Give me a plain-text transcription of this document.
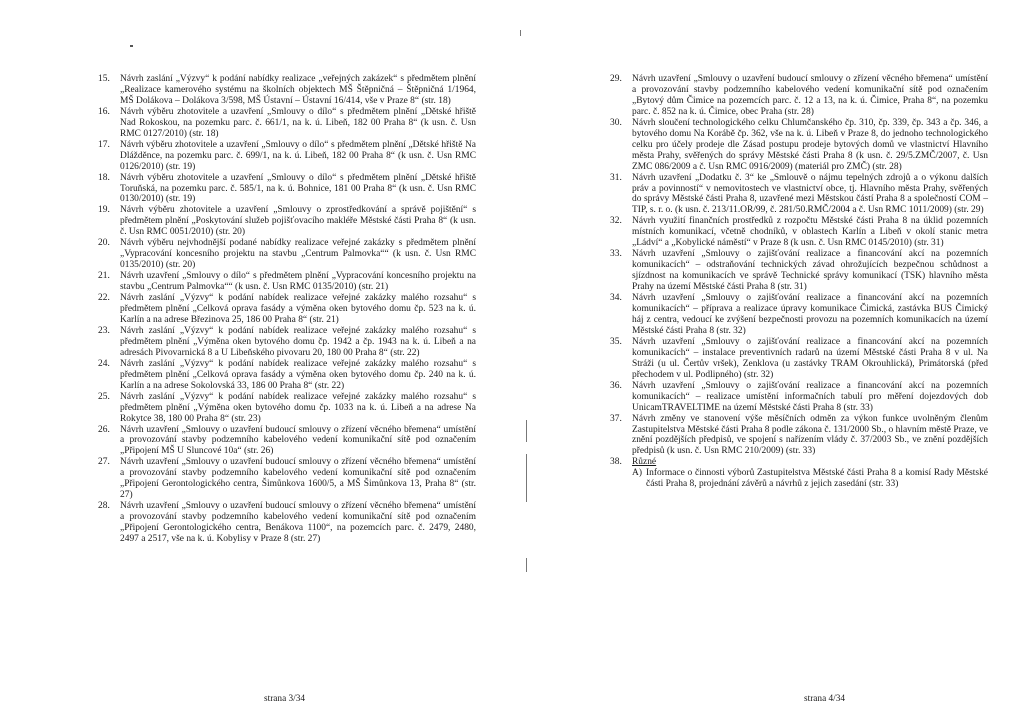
15.	Návrh zaslání „Výzvy“ k podání nabídky realizace „veřejných zakázek“ s předmětem plnění „Realizace kamerového systému na školních objektech MŠ Štěpničná – Štěpničná 1/1964, MŠ Dolákova – Dolákova 3/598, MŠ Ústavní – Ústavní 16/414, vše v Praze 8“ (str. 18)
16.	Návrh výběru zhotovitele a uzavření „Smlouvy o dílo“ s předmětem plnění „Dětské hřiště Nad Rokoskou, na pozemku parc. č. 661/1, na k. ú. Libeň, 182 00 Praha 8“ (k usn. č. Usn RMC 0127/2010) (str. 18)
17.	Návrh výběru zhotovitele a uzavření „Smlouvy o dílo“ s předmětem plnění „Dětské hřiště Na Dlážděnce, na pozemku parc. č. 699/1, na k. ú. Libeň, 182 00 Praha 8“ (k usn. č. Usn RMC 0126/2010) (str. 19)
18.	Návrh výběru zhotovitele a uzavření „Smlouvy o dílo“ s předmětem plnění „Dětské hřiště Toruňská, na pozemku parc. č. 585/1, na k. ú. Bohnice, 181 00 Praha 8“ (k usn. č. Usn RMC 0130/2010) (str. 19)
19.	Návrh výběru zhotovitele a uzavření „Smlouvy o zprostředkování a správě pojištění“ s předmětem plnění „Poskytování služeb pojišťovacího makléře Městské části Praha 8“ (k usn. č. Usn RMC 0051/2010) (str. 20)
20.	Návrh výběru nejvhodnější podané nabídky realizace veřejné zakázky s předmětem plnění „Vypracování koncesního projektu na stavbu „Centrum Palmovka““ (k usn. č. Usn RMC 0135/2010) (str. 20)
21.	Návrh uzavření „Smlouvy o dílo“ s předmětem plnění „Vypracování koncesního projektu na stavbu „Centrum Palmovka““ (k usn. č. Usn RMC 0135/2010) (str. 21)
22.	Návrh zaslání „Výzvy“ k podání nabídek realizace veřejné zakázky malého rozsahu“ s předmětem plnění „Celková oprava fasády a výměna oken bytového domu čp. 523 na k. ú. Karlín a na adrese Březinova 25, 186 00 Praha 8“ (str. 21)
23.	Návrh zaslání „Výzvy“ k podání nabídek realizace veřejné zakázky malého rozsahu“ s předmětem plnění „Výměna oken bytového domu čp. 1942 a čp. 1943 na k. ú. Libeň a na adresách Pivovarnická 8 a U Libeňského pivovaru 20, 180 00 Praha 8“ (str. 22)
24.	Návrh zaslání „Výzvy“ k podání nabídek realizace veřejné zakázky malého rozsahu“ s předmětem plnění „Celková oprava fasády a výměna oken bytového domu čp. 240 na k. ú. Karlín a na adrese Sokolovská 33, 186 00 Praha 8“ (str. 22)
25.	Návrh zaslání „Výzvy“ k podání nabídek realizace veřejné zakázky malého rozsahu“ s předmětem plnění „Výměna oken bytového domu čp. 1033 na k. ú. Libeň a na adrese Na Rokytce 38, 180 00 Praha 8“ (str. 23)
26.	Návrh uzavření „Smlouvy o uzavření budoucí smlouvy o zřízení věcného břemena“ umístění a provozování stavby podzemního kabelového vedení komunikační sítě pod označením „Připojení MŠ U Sluncové 10a“ (str. 26)
27.	Návrh uzavření „Smlouvy o uzavření budoucí smlouvy o zřízení věcného břemena“ umístění a provozování stavby podzemního kabelového vedení komunikační sítě pod označením „Připojení Gerontologického centra, Šimůnkova 1600/5, a MŠ Šimůnkova 13, Praha 8“ (str. 27)
28.	Návrh uzavření „Smlouvy o uzavření budoucí smlouvy o zřízení věcného břemena“ umístění a provozování stavby podzemního kabelového vedení komunikační sítě pod označením „Připojení Gerontologického centra, Benákova 1100“, na pozemcích parc. č. 2479, 2480, 2497 a 2517, vše na k. ú. Kobylisy v Praze 8 (str. 27)
strana 3/34
29.	Návrh uzavření „Smlouvy o uzavření budoucí smlouvy o zřízení věcného břemena“ umístění a provozování stavby podzemního kabelového vedení komunikační sítě pod označením „Bytový dům Čimice na pozemcích parc. č. 12 a 13, na k. ú. Čimice, Praha 8“, na pozemku parc. č. 852 na k. ú. Čimice, obec Praha (str. 28)
30.	Návrh sloučení technologického celku Chlumčanského čp. 310, čp. 339, čp. 343 a čp. 346, a bytového domu Na Korábě čp. 362, vše na k. ú. Libeň v Praze 8, do jednoho technologického celku pro účely prodeje dle Zásad postupu prodeje bytových domů ve vlastnictví Hlavního města Prahy, svěřených do správy Městské části Praha 8 (k usn. č. 29/5.ZMČ/2007, č. Usn ZMC 086/2009 a č. Usn RMC 0916/2009) (materiál pro ZMČ) (str. 28)
31.	Návrh uzavření „Dodatku č. 3“ ke „Smlouvě o nájmu tepelných zdrojů a o výkonu dalších práv a povinností“ v nemovitostech ve vlastnictví obce, tj. Hlavního města Prahy, svěřených do správy Městské části Praha 8, uzavřené mezi Městskou částí Praha 8 a společností COM – TIP, s. r. o. (k usn. č. 213/11.OR/99, č. 281/50.RMČ/2004 a č. Usn RMC 1011/2009) (str. 29)
32.	Návrh využití finančních prostředků z rozpočtu Městské části Praha 8 na úklid pozemních místních komunikací, včetně chodníků, v oblastech Karlín a Libeň v okolí stanic metra „Ládví“ a „Kobylické náměstí“ v Praze 8 (k usn. č. Usn RMC 0145/2010) (str. 31)
33.	Návrh uzavření „Smlouvy o zajišťování realizace a financování akcí na pozemních komunikacích“ – odstraňování technických závad ohrožujících bezpečnou schůdnost a sjízdnost na komunikacích ve správě Technické správy komunikací (TSK) hlavního města Prahy na území Městské části Praha 8 (str. 31)
34.	Návrh uzavření „Smlouvy o zajišťování realizace a financování akcí na pozemních komunikacích“ – příprava a realizace úpravy komunikace Čimická, zastávka BUS Čimický háj z centra, vedoucí ke zvýšení bezpečnosti provozu na pozemních komunikacích na území Městské části Praha 8 (str. 32)
35.	Návrh uzavření „Smlouvy o zajišťování realizace a financování akcí na pozemních komunikacích“ – instalace preventivních radarů na území Městské části Praha 8 v ul. Na Stráži (u ul. Čertův vršek), Zenklova (u zastávky TRAM Okrouhlická), Primátorská (před přechodem v ul. Podlipného) (str. 32)
36.	Návrh uzavření „Smlouvy o zajišťování realizace a financování akcí na pozemních komunikacích“ – realizace umístění informačních tabulí pro měření dojezdových dob UnicamTRAVELTIME na území Městské části Praha 8 (str. 33)
37.	Návrh změny ve stanovení výše měsíčních odměn za výkon funkce uvolněným členům Zastupitelstva Městské části Praha 8 podle zákona č. 131/2000 Sb., o hlavním městě Praze, ve znění pozdějších předpisů, ve spojení s nařízením vlády č. 37/2003 Sb., ve znění pozdějších předpisů (k usn. č. Usn RMC 210/2009) (str. 33)
38.	Různé
A) Informace o činnosti výborů Zastupitelstva Městské části Praha 8 a komisí Rady Městské části Praha 8, projednání závěrů a návrhů z jejich zasedání (str. 33)
strana 4/34
